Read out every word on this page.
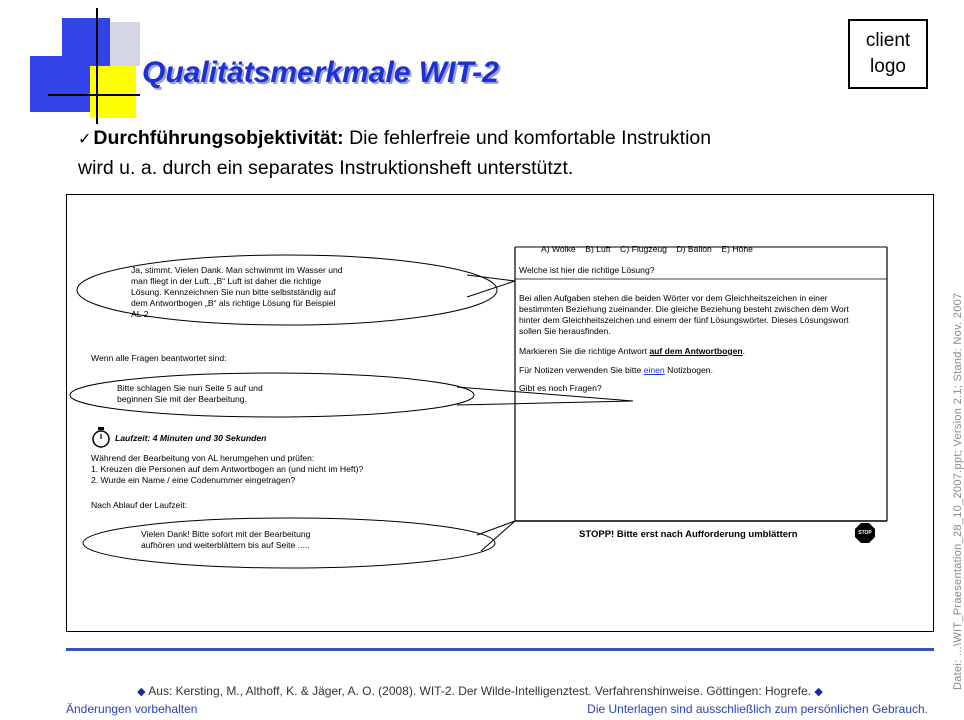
Qualitätsmerkmale WIT-2
client
logo
✓ Durchführungsobjektivität: Die fehlerfreie und komfortable Instruktion
wird u. a. durch ein separates Instruktionsheft unterstützt.
Datei: ...\WIT_Praesentation_28_10_2007.ppt; Version 2.1; Stand: Nov. 2007
Ja, stimmt. Vielen Dank. Man schwimmt im Wasser und
man fliegt in der Luft. „B“ Luft ist daher die richtige
Lösung. Kennzeichnen Sie nun bitte selbstständig auf
dem Antwortbogen „B“ als richtige Lösung für Beispiel
AL 2.
Wenn alle Fragen beantwortet sind:
Bitte schlagen Sie nun Seite 5 auf und
beginnen Sie mit der Bearbeitung.
Laufzeit: 4 Minuten und 30 Sekunden
Während der Bearbeitung von AL herumgehen und prüfen:
1. Kreuzen die Personen auf dem Antwortbogen an (und nicht im Heft)?
2. Wurde ein Name / eine Codenummer eingetragen?
Nach Ablauf der Laufzeit:
Vielen Dank! Bitte sofort mit der Bearbeitung
aufhören und weiterblättern bis auf Seite .....
A) Wolke    B) Luft    C) Flugzeug    D) Ballon    E) Höhe
Welche ist hier die richtige Lösung?
Bei allen Aufgaben stehen die beiden Wörter vor dem Gleichheitszeichen in einer
bestimmten Beziehung zueinander. Die gleiche Beziehung besteht zwischen dem Wort
hinter dem Gleichheitszeichen und einem der fünf Lösungswörter. Dieses Lösungswort
sollen Sie herausfinden.
Markieren Sie die richtige Antwort auf dem Antwortbogen.
Für Notizen verwenden Sie bitte einen Notizbogen.
Gibt es noch Fragen?
STOPP! Bitte erst nach Aufforderung umblättern	STOP
◆ Aus: Kersting, M., Althoff, K. & Jäger, A. O. (2008). WIT-2. Der Wilde-Intelligenztest. Verfahrenshinweise. Göttingen: Hogrefe. ◆
Änderungen vorbehalten	Die Unterlagen sind ausschließlich zum persönlichen Gebrauch.
